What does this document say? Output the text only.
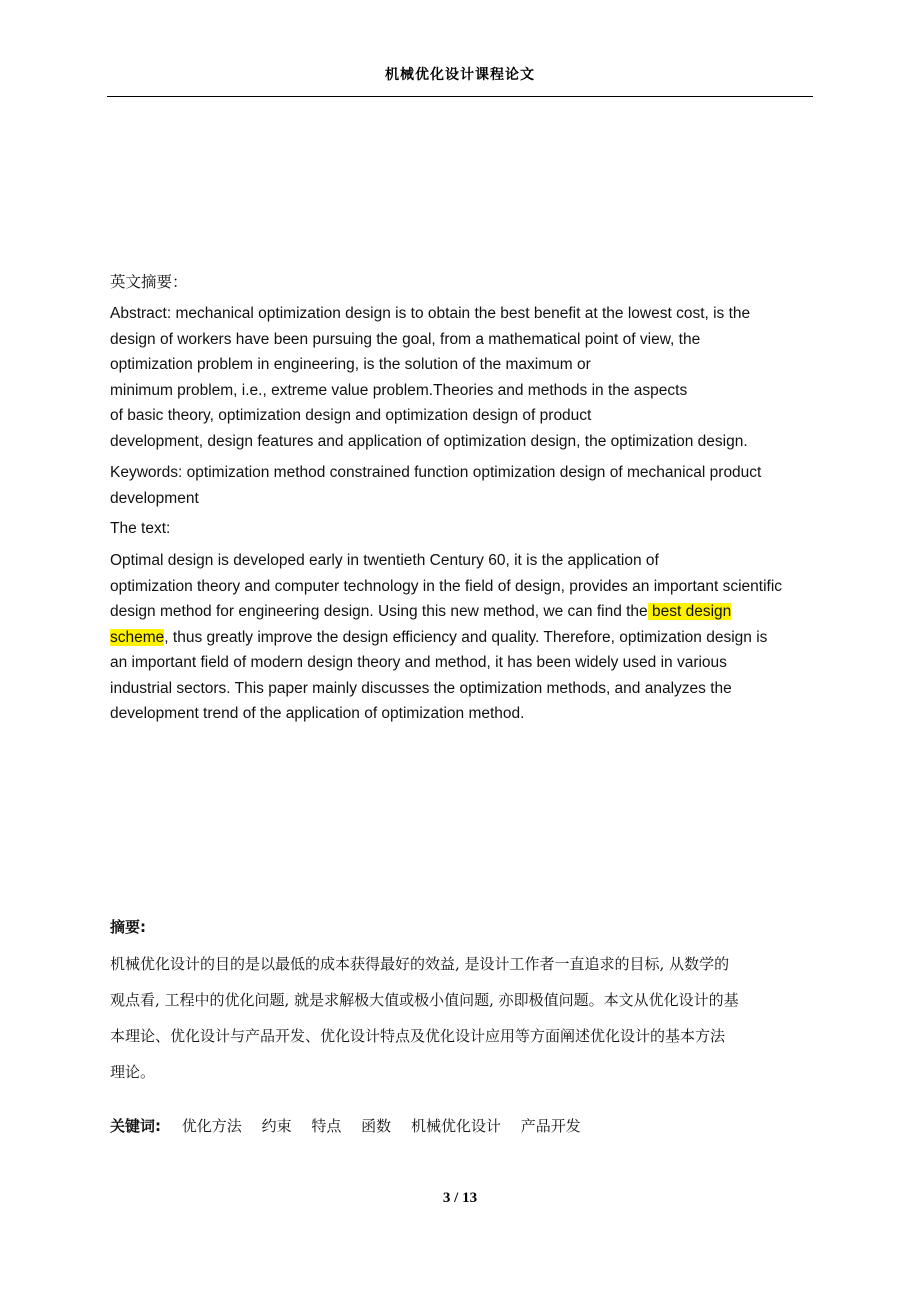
机械优化设计课程论文
英文摘要：
Abstract: mechanical optimization design is to obtain the best benefit at the lowest cost, is the
design of workers have been pursuing the goal, from a mathematical point of view, the
optimization problem in engineering, is the solution of the maximum or
minimum problem, i.e., extreme value problem.Theories and methods in the aspects
of basic theory, optimization design and optimization design of product
development, design features and application of optimization design, the optimization design.
Keywords: optimization method constrained function optimization design of mechanical product
development
The text:
Optimal design is developed early in twentieth Century 60, it is the application of
optimization theory and computer technology in the field of design, provides an important scientific
design method for engineering design. Using this new method, we can find the best design
scheme, thus greatly improve the design efficiency and quality. Therefore, optimization design is
an important field of modern design theory and method, it has been widely used in various
industrial sectors. This paper mainly discusses the optimization methods, and analyzes the
development trend of the application of optimization method.
摘要:
机械优化设计的目的是以最低的成本获得最好的效益, 是设计工作者一直追求的目标, 从数学的
观点看, 工程中的优化问题, 就是求解极大值或极小值问题, 亦即极值问题。本文从优化设计的基
本理论、优化设计与产品开发、优化设计特点及优化设计应用等方面阐述优化设计的基本方法
理论。
关键词: 优化方法 约束 特点 函数 机械优化设计 产品开发
3 / 13
